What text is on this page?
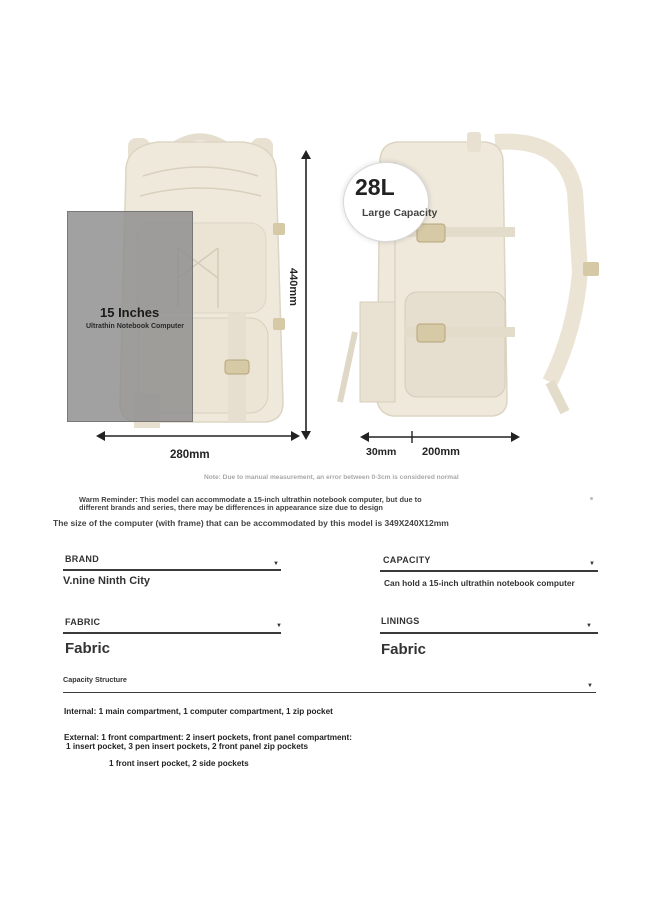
15 Inches
Ultrathin Notebook Computer
440mm
280mm
28L
Large Capacity
30mm 200mm
Note: Due to manual measurement, an error between 0-3cm is considered normal
Warm Reminder: This model can accommodate a 15-inch ultrathin notebook computer, but due to
different brands and series, there may be differences in appearance size due to design
The size of the computer (with frame) that can be accommodated by this model is 349X240X12mm
BRAND	▼
V.nine Ninth City
CAPACITY	▼
Can hold a 15-inch ultrathin notebook computer
FABRIC	▼
Fabric
LININGS	▼
Fabric
Capacity Structure
▼
Internal: 1 main compartment, 1 computer compartment, 1 zip pocket
External: 1 front compartment: 2 insert pockets, front panel compartment:
1 insert pocket, 3 pen insert pockets, 2 front panel zip pockets
1 front insert pocket, 2 side pockets
